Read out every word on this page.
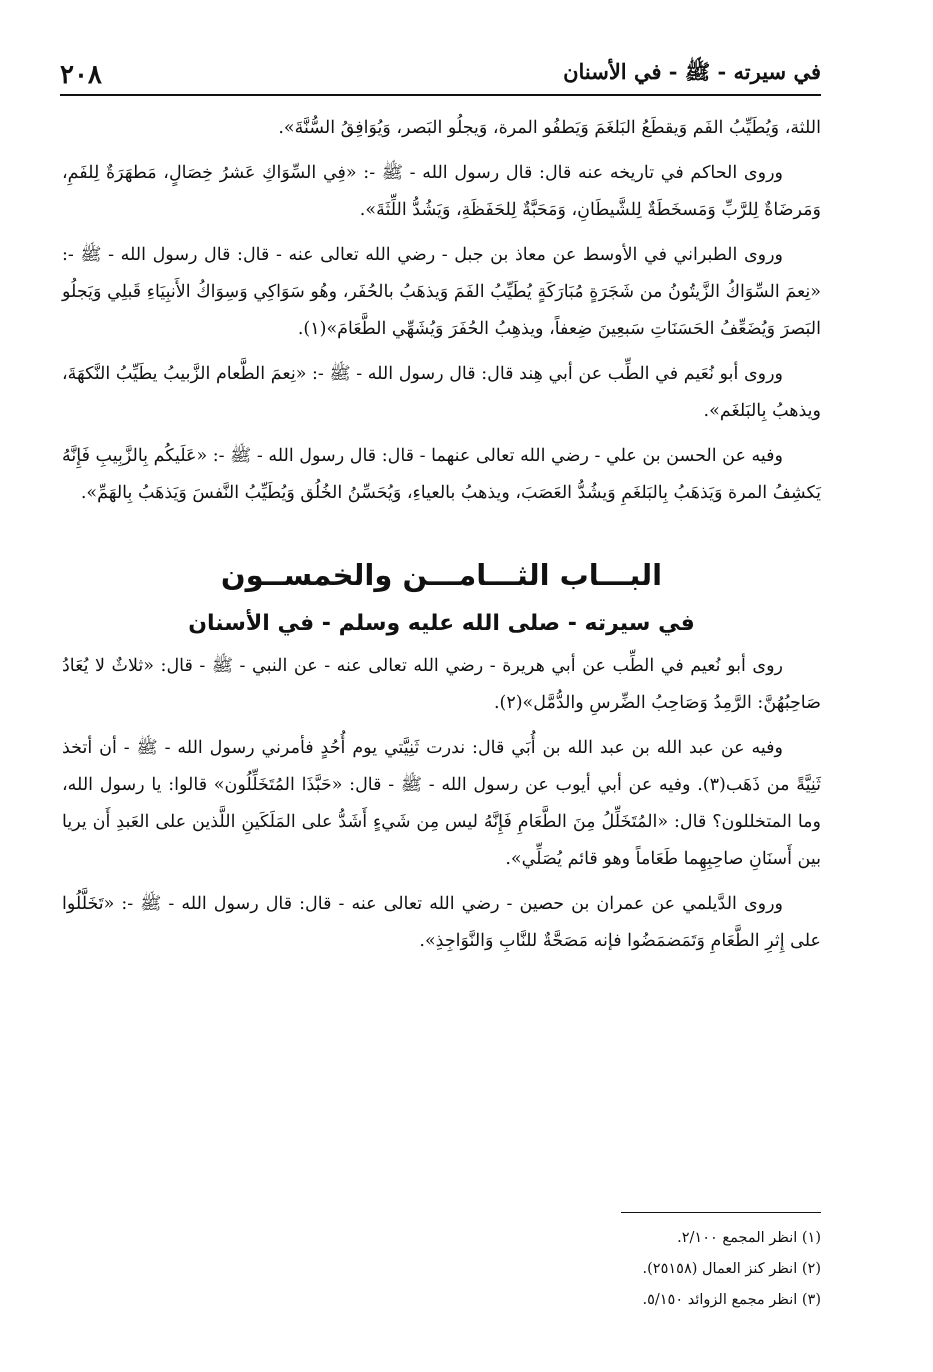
في سيرته - ﷺ - في الأسنان
٢٠٨

اللثة، وَيُطَيِّبُ الفَم وَيقطَعُ البَلغَمَ وَيَطفُو المرة، وَيجلُو البَصر، وَيُوَافِقُ السُّنَّةَ».

وروى الحاكم في تاريخه عنه قال: قال رسول الله - ﷺ -: «فِي السِّوَاكِ عَشرُ خِصَالٍ، مَطهَرَةٌ لِلفَمِ، وَمَرضَاةٌ لِلرَّبِّ وَمَسخَطَةٌ لِلشَّيطَانِ، وَمَحَبَّةٌ لِلحَفَظَةِ، وَيَشُدُّ اللِّثَةَ».

وروى الطبراني في الأوسط عن معاذ بن جبل - رضي الله تعالى عنه - قال: قال رسول الله - ﷺ -: «نِعمَ السِّوَاكُ الزَّيتُونُ من شَجَرَةٍ مُبَارَكَةٍ يُطَيِّبُ الفَمَ وَيذهَبُ بالحُفَر، وهُو سَوَاكِي وَسِوَاكُ الأَنبِيَاءِ قَبلِي وَيَجلُو البَصرَ وَيُضَعِّفُ الحَسَنَاتِ سَبعِينَ ضِعفاً، ويذهِبُ الحُفَرَ وَيُشَهِّي الطَّعَامَ»(١).

وروى أبو نُعَيم في الطِّب عن أبي هِند قال: قال رسول الله - ﷺ -: «نِعمَ الطَّعام الزَّبيبُ يطَيِّبُ النَّكهَةَ، ويذهبُ بِالبَلغَم».

وفيه عن الحسن بن علي - رضي الله تعالى عنهما - قال: قال رسول الله - ﷺ -: «عَلَيكُم بِالزَّبِيبِ فَإِنَّهُ يَكشِفُ المرة وَيَذهَبُ بِالبَلغَمِ وَيشُدُّ العَصَبَ، ويذهبُ بالعياءِ، وَيُحَسِّنُ الخُلُق وَيُطَيِّبُ النَّفسَ وَيَذهَبُ بِالهَمِّ».

البـــاب الثـــامـــن والخمســون
في سيرته - صلى الله عليه وسلم - في الأسنان

روى أبو نُعيم في الطِّب عن أبي هريرة - رضي الله تعالى عنه - عن النبي - ﷺ - قال: «ثلاثٌ لا يُعَادُ صَاحِبُهُنَّ: الرَّمِدُ وَصَاحِبُ الضِّرسِ والدُّمَّل»(٢).

وفيه عن عبد الله بن عبد الله بن أُبَي قال: ندرت ثَنِيَّتي يوم أُحُدٍ فأمرني رسول الله - ﷺ - أن أتخذ ثَنِيَّةً من ذَهَب(٣). وفيه عن أبي أيوب عن رسول الله - ﷺ - قال: «حَبَّذَا المُتَخَلِّلُون» قالوا: يا رسول الله، وما المتخللون؟ قال: «المُتَخَلِّلُ مِنَ الطَّعَامِ فَإِنَّهُ ليس مِن شَيءٍ أَشَدُّ على المَلَكَينِ اللَّذين على العَبدِ أَن يريا بين أَسنَانِ صاحِبِهِما طَعَاماً وهو قائم يُصَلِّي».

وروى الدَّيلمي عن عمران بن حصين - رضي الله تعالى عنه - قال: قال رسول الله - ﷺ -: «تَخَلَّلُوا على إِثرِ الطَّعَامِ وَتَمَضمَضُوا فإنه مَصَحَّةٌ للنَّابِ وَالنَّوَاجِذِ».

(١) انظر المجمع ٢/١٠٠.

(٢) انظر كنز العمال (٢٥١٥٨).

(٣) انظر مجمع الزوائد ٥/١٥٠.
